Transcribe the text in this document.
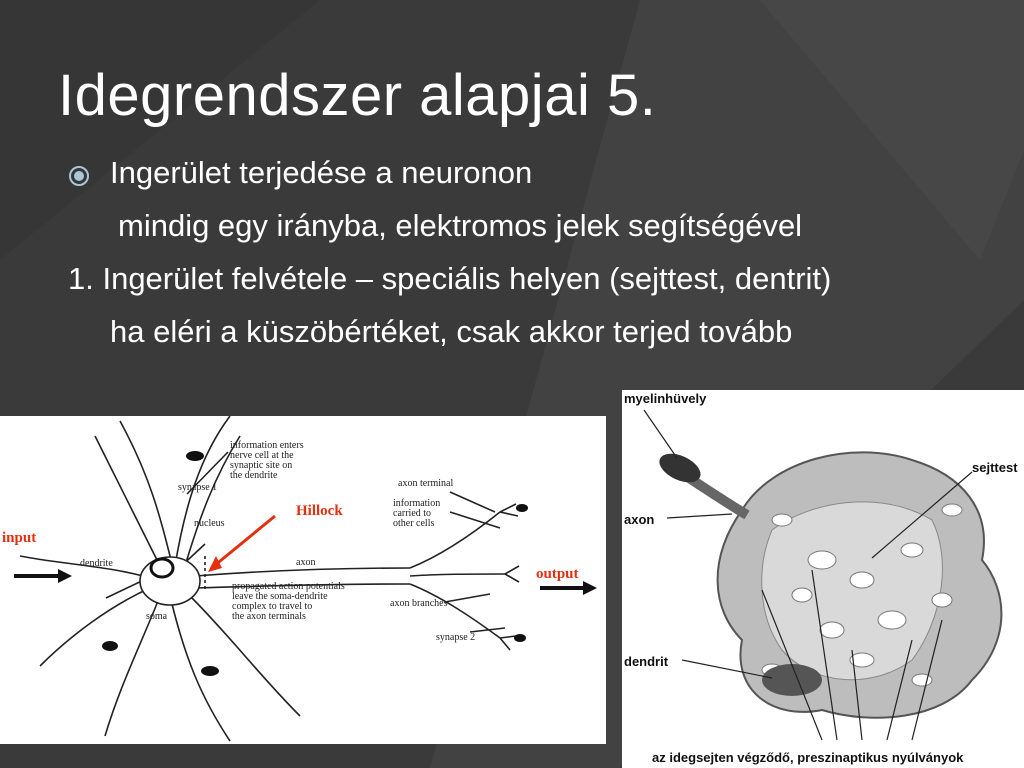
Idegrendszer alapjai 5.

Ingerület terjedése a neuronon

mindig egy irányba, elektromos jelek segítségével

1. Ingerület felvétele – speciális helyen (sejttest, dentrit)

ha eléri a küszöbértéket, csak akkor terjed tovább

input
output
Hillock
dendrite
nucleus
soma
synapse 1
axon
axon terminal
axon branches
synapse 2
information enters
nerve cell at the
synaptic site on
the dendrite
information
carried to
other cells
propagated action potentials
leave the soma-dendrite
complex to travel to
the axon terminals
myelinhüvely
sejttest
axon
dendrit
az idegsejten végződő, preszinaptikus nyúlványok
